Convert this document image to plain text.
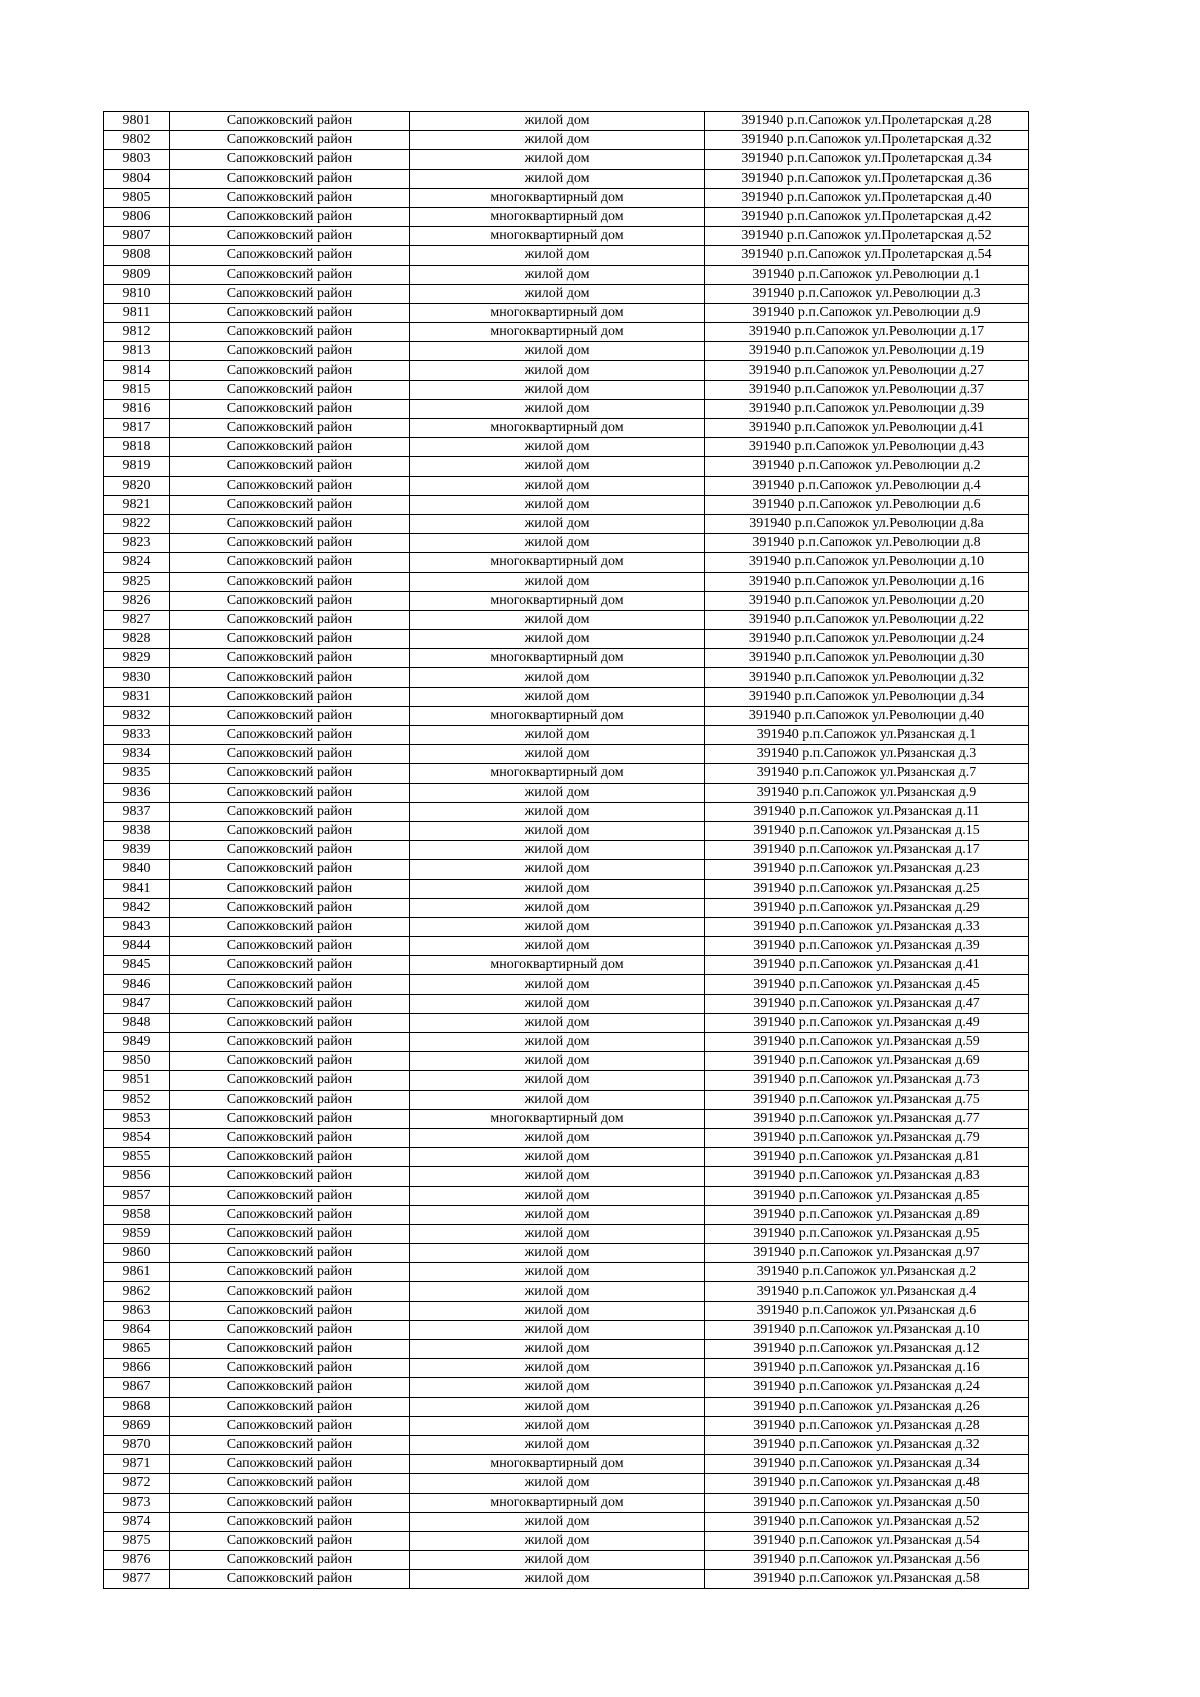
9801	Сапожковский район	жилой дом	391940 р.п.Сапожок ул.Пролетарская д.28
9802	Сапожковский район	жилой дом	391940 р.п.Сапожок ул.Пролетарская д.32
9803	Сапожковский район	жилой дом	391940 р.п.Сапожок ул.Пролетарская д.34
9804	Сапожковский район	жилой дом	391940 р.п.Сапожок ул.Пролетарская д.36
9805	Сапожковский район	многоквартирный дом	391940 р.п.Сапожок ул.Пролетарская д.40
9806	Сапожковский район	многоквартирный дом	391940 р.п.Сапожок ул.Пролетарская д.42
9807	Сапожковский район	многоквартирный дом	391940 р.п.Сапожок ул.Пролетарская д.52
9808	Сапожковский район	жилой дом	391940 р.п.Сапожок ул.Пролетарская д.54
9809	Сапожковский район	жилой дом	391940 р.п.Сапожок ул.Революции д.1
9810	Сапожковский район	жилой дом	391940 р.п.Сапожок ул.Революции д.3
9811	Сапожковский район	многоквартирный дом	391940 р.п.Сапожок ул.Революции д.9
9812	Сапожковский район	многоквартирный дом	391940 р.п.Сапожок ул.Революции д.17
9813	Сапожковский район	жилой дом	391940 р.п.Сапожок ул.Революции д.19
9814	Сапожковский район	жилой дом	391940 р.п.Сапожок ул.Революции д.27
9815	Сапожковский район	жилой дом	391940 р.п.Сапожок ул.Революции д.37
9816	Сапожковский район	жилой дом	391940 р.п.Сапожок ул.Революции д.39
9817	Сапожковский район	многоквартирный дом	391940 р.п.Сапожок ул.Революции д.41
9818	Сапожковский район	жилой дом	391940 р.п.Сапожок ул.Революции д.43
9819	Сапожковский район	жилой дом	391940 р.п.Сапожок ул.Революции д.2
9820	Сапожковский район	жилой дом	391940 р.п.Сапожок ул.Революции д.4
9821	Сапожковский район	жилой дом	391940 р.п.Сапожок ул.Революции д.6
9822	Сапожковский район	жилой дом	391940 р.п.Сапожок ул.Революции д.8а
9823	Сапожковский район	жилой дом	391940 р.п.Сапожок ул.Революции д.8
9824	Сапожковский район	многоквартирный дом	391940 р.п.Сапожок ул.Революции д.10
9825	Сапожковский район	жилой дом	391940 р.п.Сапожок ул.Революции д.16
9826	Сапожковский район	многоквартирный дом	391940 р.п.Сапожок ул.Революции д.20
9827	Сапожковский район	жилой дом	391940 р.п.Сапожок ул.Революции д.22
9828	Сапожковский район	жилой дом	391940 р.п.Сапожок ул.Революции д.24
9829	Сапожковский район	многоквартирный дом	391940 р.п.Сапожок ул.Революции д.30
9830	Сапожковский район	жилой дом	391940 р.п.Сапожок ул.Революции д.32
9831	Сапожковский район	жилой дом	391940 р.п.Сапожок ул.Революции д.34
9832	Сапожковский район	многоквартирный дом	391940 р.п.Сапожок ул.Революции д.40
9833	Сапожковский район	жилой дом	391940 р.п.Сапожок ул.Рязанская д.1
9834	Сапожковский район	жилой дом	391940 р.п.Сапожок ул.Рязанская д.3
9835	Сапожковский район	многоквартирный дом	391940 р.п.Сапожок ул.Рязанская д.7
9836	Сапожковский район	жилой дом	391940 р.п.Сапожок ул.Рязанская д.9
9837	Сапожковский район	жилой дом	391940 р.п.Сапожок ул.Рязанская д.11
9838	Сапожковский район	жилой дом	391940 р.п.Сапожок ул.Рязанская д.15
9839	Сапожковский район	жилой дом	391940 р.п.Сапожок ул.Рязанская д.17
9840	Сапожковский район	жилой дом	391940 р.п.Сапожок ул.Рязанская д.23
9841	Сапожковский район	жилой дом	391940 р.п.Сапожок ул.Рязанская д.25
9842	Сапожковский район	жилой дом	391940 р.п.Сапожок ул.Рязанская д.29
9843	Сапожковский район	жилой дом	391940 р.п.Сапожок ул.Рязанская д.33
9844	Сапожковский район	жилой дом	391940 р.п.Сапожок ул.Рязанская д.39
9845	Сапожковский район	многоквартирный дом	391940 р.п.Сапожок ул.Рязанская д.41
9846	Сапожковский район	жилой дом	391940 р.п.Сапожок ул.Рязанская д.45
9847	Сапожковский район	жилой дом	391940 р.п.Сапожок ул.Рязанская д.47
9848	Сапожковский район	жилой дом	391940 р.п.Сапожок ул.Рязанская д.49
9849	Сапожковский район	жилой дом	391940 р.п.Сапожок ул.Рязанская д.59
9850	Сапожковский район	жилой дом	391940 р.п.Сапожок ул.Рязанская д.69
9851	Сапожковский район	жилой дом	391940 р.п.Сапожок ул.Рязанская д.73
9852	Сапожковский район	жилой дом	391940 р.п.Сапожок ул.Рязанская д.75
9853	Сапожковский район	многоквартирный дом	391940 р.п.Сапожок ул.Рязанская д.77
9854	Сапожковский район	жилой дом	391940 р.п.Сапожок ул.Рязанская д.79
9855	Сапожковский район	жилой дом	391940 р.п.Сапожок ул.Рязанская д.81
9856	Сапожковский район	жилой дом	391940 р.п.Сапожок ул.Рязанская д.83
9857	Сапожковский район	жилой дом	391940 р.п.Сапожок ул.Рязанская д.85
9858	Сапожковский район	жилой дом	391940 р.п.Сапожок ул.Рязанская д.89
9859	Сапожковский район	жилой дом	391940 р.п.Сапожок ул.Рязанская д.95
9860	Сапожковский район	жилой дом	391940 р.п.Сапожок ул.Рязанская д.97
9861	Сапожковский район	жилой дом	391940 р.п.Сапожок ул.Рязанская д.2
9862	Сапожковский район	жилой дом	391940 р.п.Сапожок ул.Рязанская д.4
9863	Сапожковский район	жилой дом	391940 р.п.Сапожок ул.Рязанская д.6
9864	Сапожковский район	жилой дом	391940 р.п.Сапожок ул.Рязанская д.10
9865	Сапожковский район	жилой дом	391940 р.п.Сапожок ул.Рязанская д.12
9866	Сапожковский район	жилой дом	391940 р.п.Сапожок ул.Рязанская д.16
9867	Сапожковский район	жилой дом	391940 р.п.Сапожок ул.Рязанская д.24
9868	Сапожковский район	жилой дом	391940 р.п.Сапожок ул.Рязанская д.26
9869	Сапожковский район	жилой дом	391940 р.п.Сапожок ул.Рязанская д.28
9870	Сапожковский район	жилой дом	391940 р.п.Сапожок ул.Рязанская д.32
9871	Сапожковский район	многоквартирный дом	391940 р.п.Сапожок ул.Рязанская д.34
9872	Сапожковский район	жилой дом	391940 р.п.Сапожок ул.Рязанская д.48
9873	Сапожковский район	многоквартирный дом	391940 р.п.Сапожок ул.Рязанская д.50
9874	Сапожковский район	жилой дом	391940 р.п.Сапожок ул.Рязанская д.52
9875	Сапожковский район	жилой дом	391940 р.п.Сапожок ул.Рязанская д.54
9876	Сапожковский район	жилой дом	391940 р.п.Сапожок ул.Рязанская д.56
9877	Сапожковский район	жилой дом	391940 р.п.Сапожок ул.Рязанская д.58
